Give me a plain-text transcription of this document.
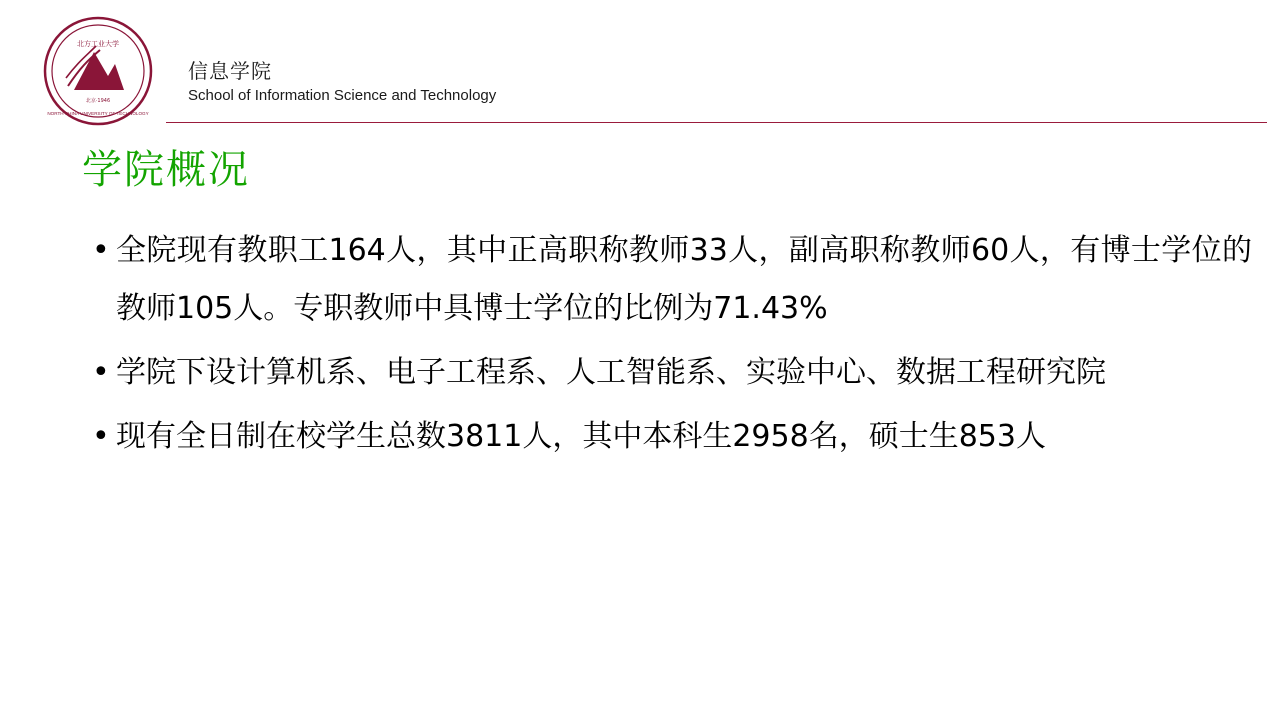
北方工业大学
北京·1946
NORTH CHINA UNIVERSITY OF TECHNOLOGY
信息学院
School of Information Science and Technology
学院概况
• 全院现有教职工164人，其中正高职称教师33人，副高职称教师60人，有博士学位的教师105人。专职教师中具博士学位的比例为71.43%
• 学院下设计算机系、电子工程系、人工智能系、实验中心、数据工程研究院
• 现有全日制在校学生总数3811人，其中本科生2958名，硕士生853人
